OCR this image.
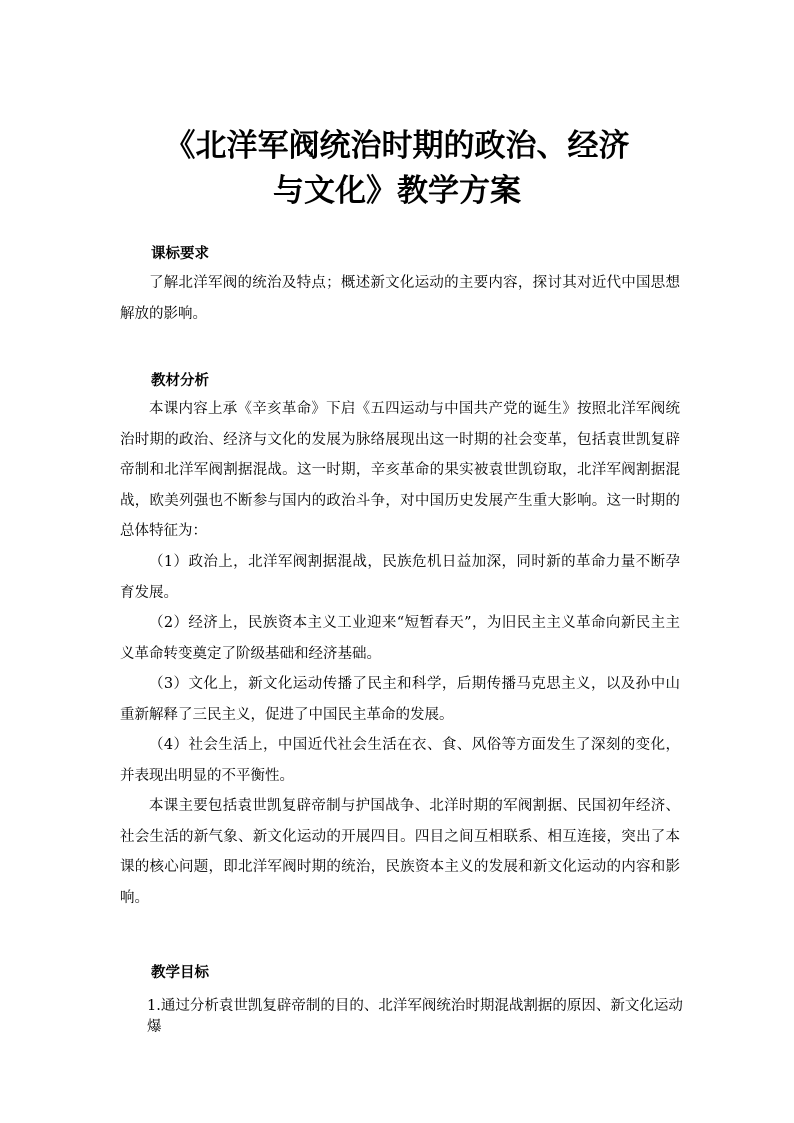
《北洋军阀统治时期的政治、经济
与文化》教学方案
课标要求

了解北洋军阀的统治及特点；概述新文化运动的主要内容，探讨其对近代中国思想解放的影响。

教材分析

本课内容上承《辛亥革命》下启《五四运动与中国共产党的诞生》按照北洋军阀统治时期的政治、经济与文化的发展为脉络展现出这一时期的社会变革，包括袁世凯复辟帝制和北洋军阀割据混战。这一时期，辛亥革命的果实被袁世凯窃取，北洋军阀割据混战，欧美列强也不断参与国内的政治斗争，对中国历史发展产生重大影响。这一时期的总体特征为：

（1）政治上，北洋军阀割据混战，民族危机日益加深，同时新的革命力量不断孕育发展。

（2）经济上，民族资本主义工业迎来“短暂春天”，为旧民主主义革命向新民主主义革命转变奠定了阶级基础和经济基础。

（3）文化上，新文化运动传播了民主和科学，后期传播马克思主义，以及孙中山重新解释了三民主义，促进了中国民主革命的发展。

（4）社会生活上，中国近代社会生活在衣、食、风俗等方面发生了深刻的变化，并表现出明显的不平衡性。

本课主要包括袁世凯复辟帝制与护国战争、北洋时期的军阀割据、民国初年经济、社会生活的新气象、新文化运动的开展四目。四目之间互相联系、相互连接，突出了本课的核心问题，即北洋军阀时期的统治，民族资本主义的发展和新文化运动的内容和影响。

教学目标

1.通过分析袁世凯复辟帝制的目的、北洋军阀统治时期混战割据的原因、新文化运动爆
